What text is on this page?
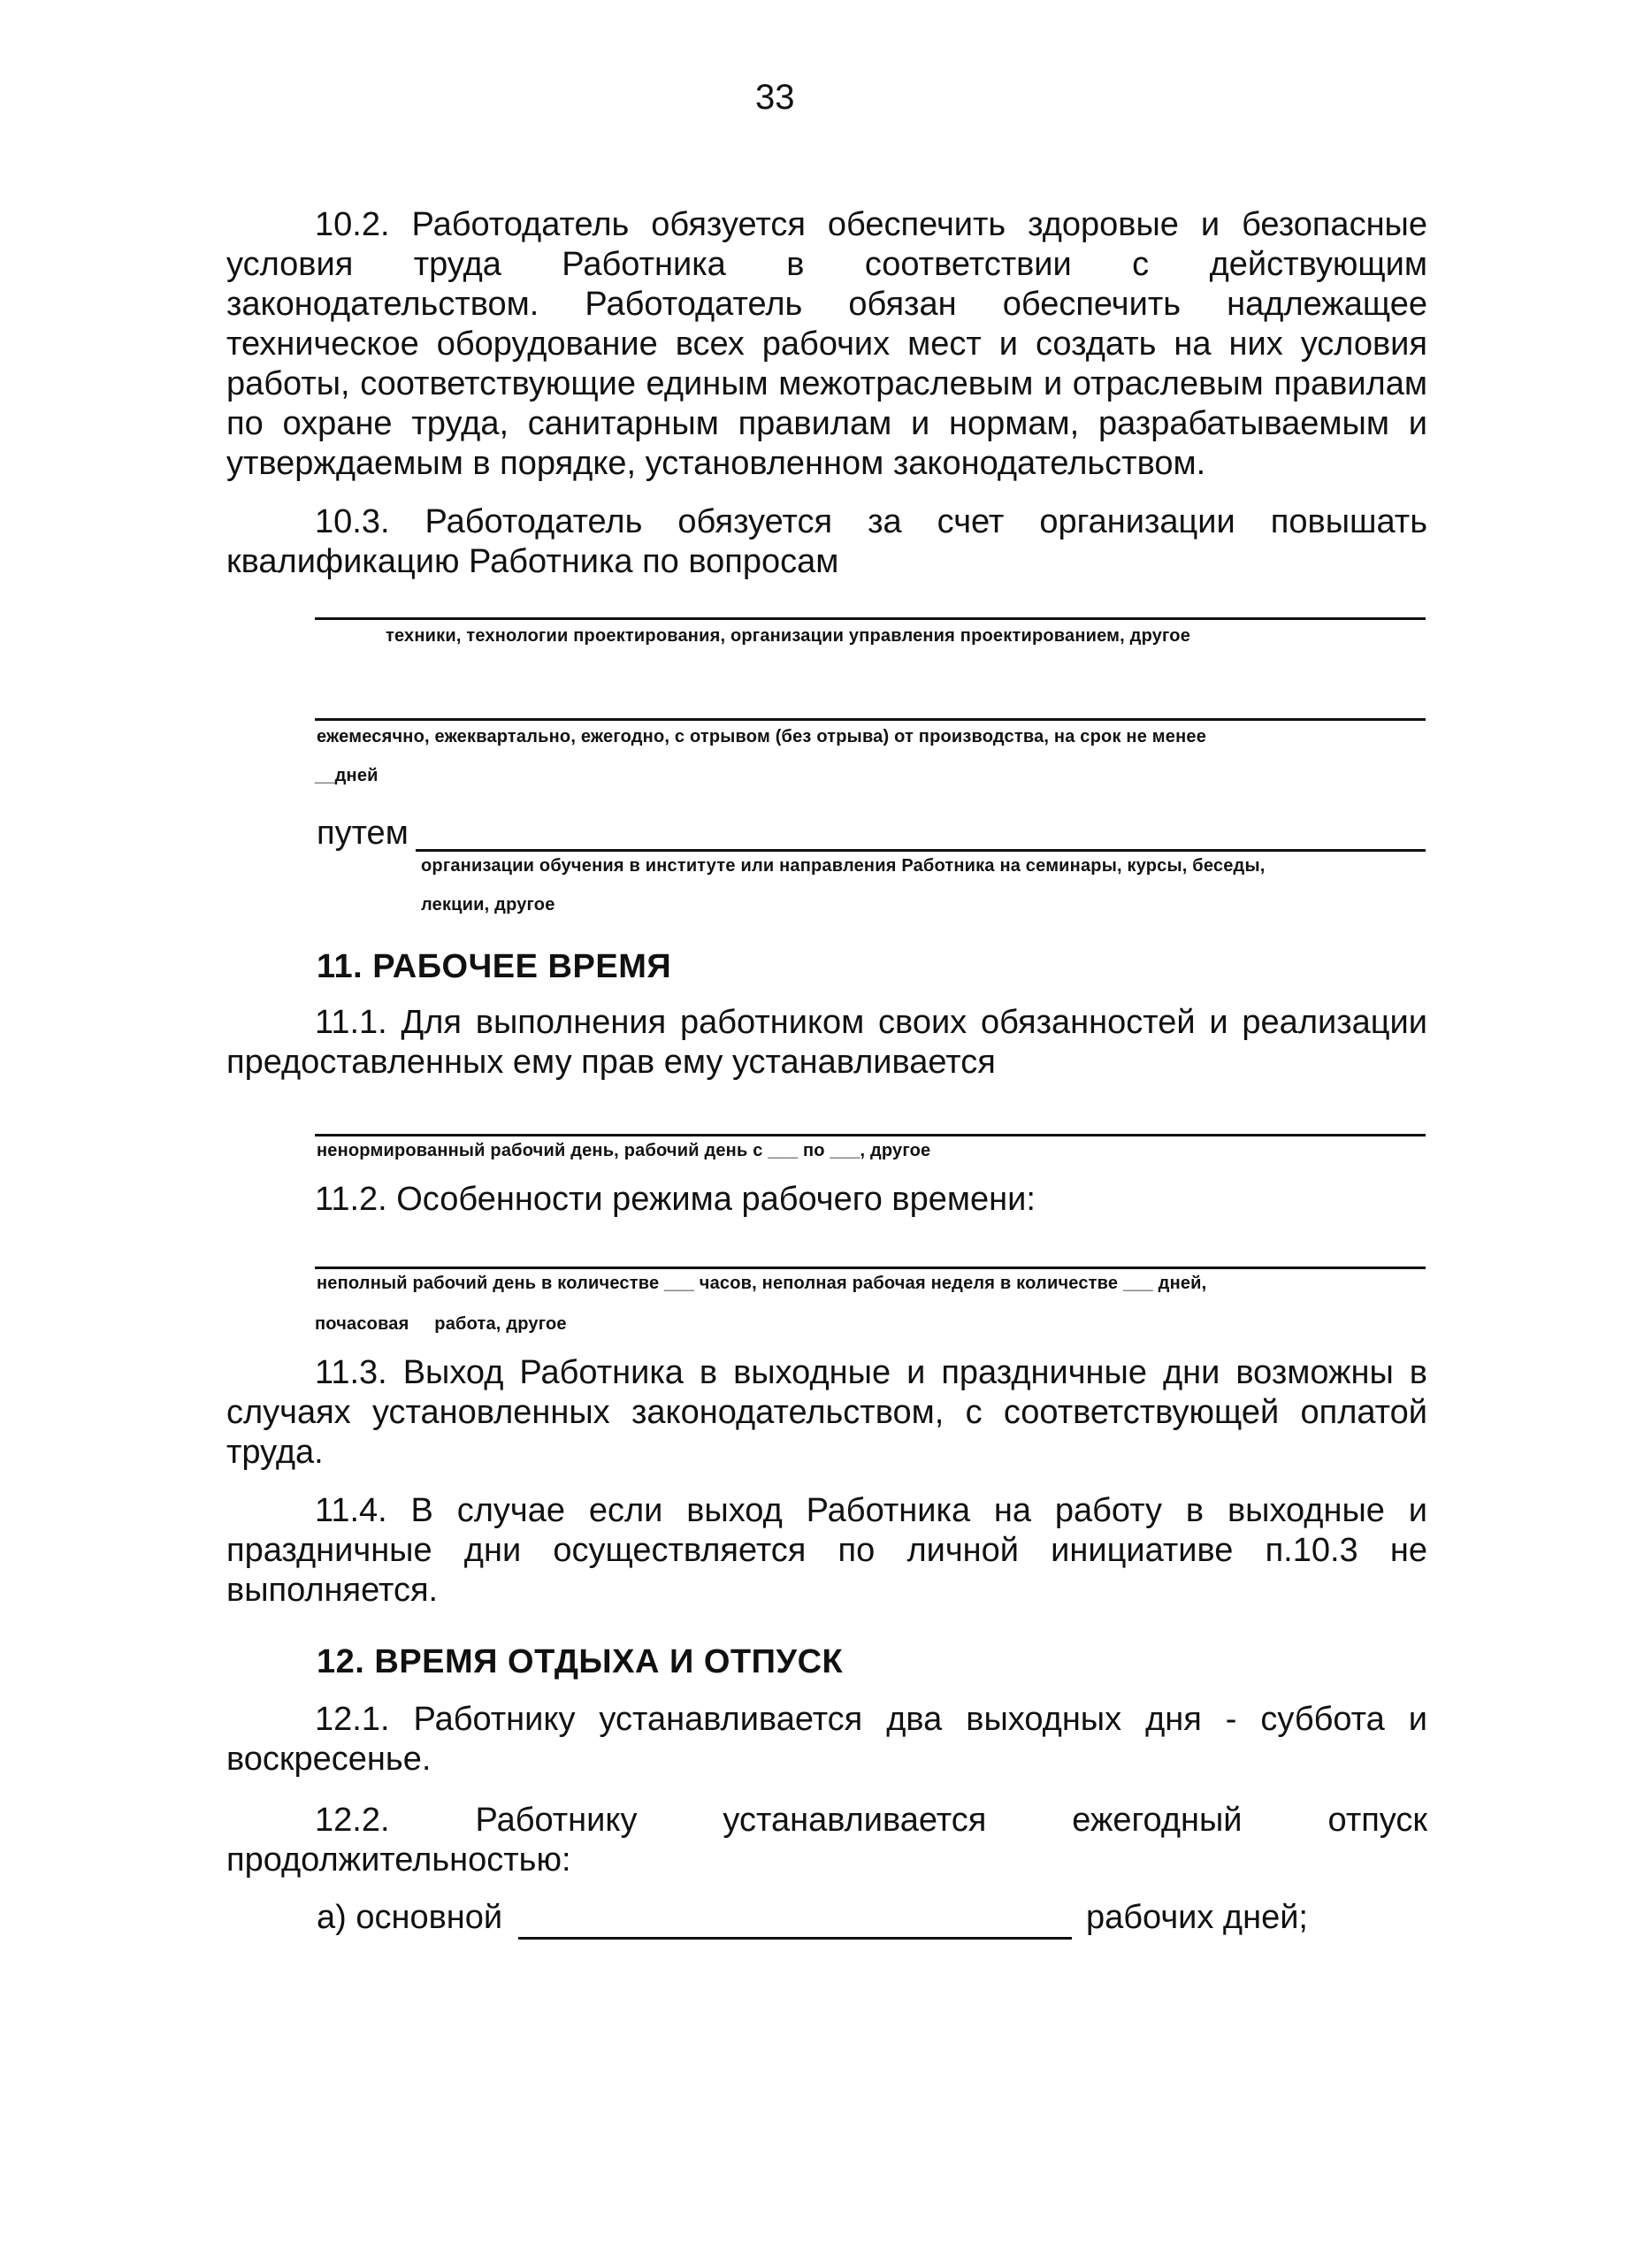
33

10.2. Работодатель обязуется обеспечить здоровые и безопасные условия труда Работника в соответствии с действующим законодательством. Работодатель обязан обеспечить надлежащее техническое оборудование всех рабочих мест и создать на них условия работы, соответствующие единым межотраслевым и отраслевым правилам по охране труда, санитарным правилам и нормам, разрабатываемым и утверждаемым в порядке, установленном законодательством.

10.3. Работодатель обязуется за счет организации повышать квалификацию Работника по вопросам

техники, технологии проектирования, организации управления проектированием, другое
ежемесячно, ежеквартально, ежегодно, с отрывом (без отрыва) от производства, на срок не менее
__дней
путем
организации обучения в институте или направления Работника на семинары, курсы, беседы,
лекции, другое
11. РАБОЧЕЕ ВРЕМЯ

11.1. Для выполнения работником своих обязанностей и реализации предоставленных ему прав ему устанавливается

ненормированный рабочий день, рабочий день с ___ по ___, другое

11.2. Особенности режима рабочего времени:

неполный рабочий день в количестве ___ часов, неполная рабочая неделя в количестве ___ дней,
почасовая     работа, другое

11.3. Выход Работника в выходные и праздничные дни возможны в случаях установленных законодательством, с соответствующей оплатой труда.

11.4. В случае если выход Работника на работу в выходные и праздничные дни осуществляется по личной инициативе п.10.3 не выполняется.

12. ВРЕМЯ ОТДЫХА И ОТПУСК

12.1. Работнику устанавливается два выходных дня - суббота и воскресенье.

12.2. Работнику устанавливается ежегодный отпуск продолжительностью:

а) основной	рабочих дней;
